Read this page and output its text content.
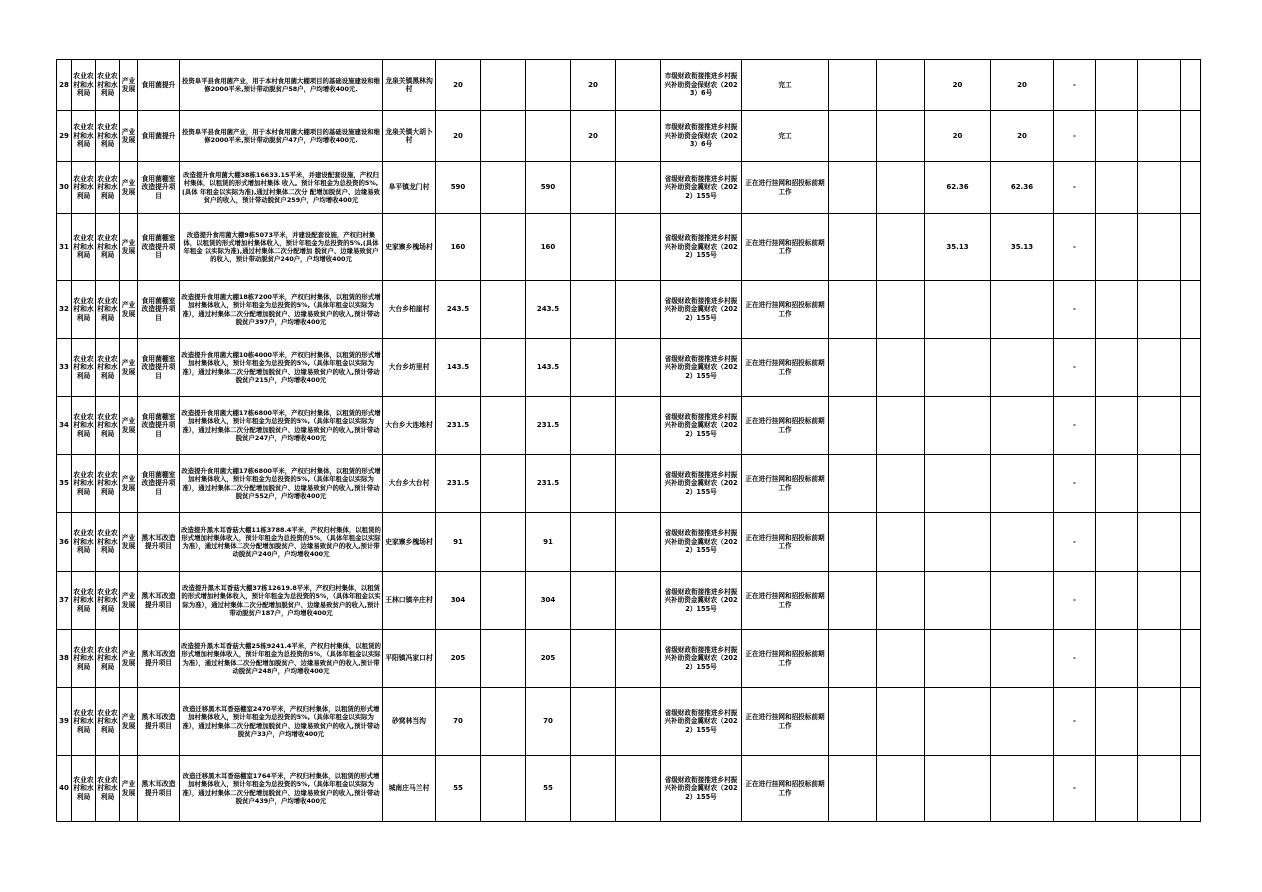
28	农业农村和水利局	农业农村和水利局	产业发展	食用菌提升	投资阜平县食用菌产业，用于本村食用菌大棚项目的基础设施建设和维修2000平米,预计带动脱贫户58户，户均增收400元.	龙泉关镇黑林沟村	20			20		市级财政衔接推进乡村振兴补助资金保财农（2023）6号	完工			20	20	-			
29	农业农村和水利局	农业农村和水利局	产业发展	食用菌提升	投资阜平县食用菌产业，用于本村食用菌大棚项目的基础设施建设和维修2000平米,预计带动脱贫户47户，户均增收400元.	龙泉关镇大胡卜村	20			20		市级财政衔接推进乡村振兴补助资金保财农（2023）6号	完工			20	20	-			
30	农业农村和水利局	农业农村和水利局	产业发展	食用菌棚室改造提升项目	改造提升食用菌大棚38栋16633.15平米，并建设配套设施，产权归村集体，以租赁的形式增加村集体 收入。预计年租金为总投资的5%,(具体 年租金以实际为准),通过村集体二次分 配增加脱贫户、边缘易致贫户的收入，预计带动脱贫户259户，户均增收400元	阜平镇龙门村	590		590			省级财政衔接推进乡村振兴补助资金冀财农（2022）155号	正在进行挂网和招投标前期工作			62.36	62.36	-			
31	农业农村和水利局	农业农村和水利局	产业发展	食用菌棚室改造提升项目	改造提升食用菌大棚9栋5073平米，并建设配套设施，产权归村集体，以租赁的形式增加村集体收入，预计年租金为总投资的5%,(具体年租金 以实际为准),通过村集体二次分配增加 脱贫户、边缘易致贫户的收入，预计带动脱贫户240户，户均增收400元	史家寨乡槐场村	160		160			省级财政衔接推进乡村振兴补助资金冀财农（2022）155号	正在进行挂网和招投标前期工作			35.13	35.13	-			
32	农业农村和水利局	农业农村和水利局	产业发展	食用菌棚室改造提升项目	改造提升食用菌大棚18栋7200平米，产权归村集体，以租赁的形式增加村集体收入，预计年租金为总投资的5%,（具体年租金以实际为准），通过村集体二次分配增加脱贫户、边缘易致贫户的收入,预计带动脱贫户397户，户均增收400元	大台乡柏崖村	243.5		243.5			省级财政衔接推进乡村振兴补助资金冀财农（2022）155号	正在进行挂网和招投标前期工作					-			
33	农业农村和水利局	农业农村和水利局	产业发展	食用菌棚室改造提升项目	改造提升食用菌大棚10栋4000平米，产权归村集体，以租赁的形式增加村集体收入，预计年租金为总投资的5%,（具体年租金以实际为准），通过村集体二次分配增加脱贫户、边缘易致贫户的收入,预计带动脱贫户215户，户均增收400元	大台乡坊里村	143.5		143.5			省级财政衔接推进乡村振兴补助资金冀财农（2022）155号	正在进行挂网和招投标前期工作					-			
34	农业农村和水利局	农业农村和水利局	产业发展	食用菌棚室改造提升项目	改造提升食用菌大棚17栋6800平米，产权归村集体，以租赁的形式增加村集体收入，预计年租金为总投资的5%,（具体年租金以实际为准），通过村集体二次分配增加脱贫户、边缘易致贫户的收入,预计带动脱贫户247户，户均增收400元	大台乡大连地村	231.5		231.5			省级财政衔接推进乡村振兴补助资金冀财农（2022）155号	正在进行挂网和招投标前期工作					-			
35	农业农村和水利局	农业农村和水利局	产业发展	食用菌棚室改造提升项目	改造提升食用菌大棚17栋6800平米，产权归村集体，以租赁的形式增加村集体收入，预计年租金为总投资的5%,（具体年租金以实际为准），通过村集体二次分配增加脱贫户、边缘易致贫户的收入,预计带动脱贫户552户，户均增收400元	大台乡大台村	231.5		231.5			省级财政衔接推进乡村振兴补助资金冀财农（2022）155号	正在进行挂网和招投标前期工作					-			
36	农业农村和水利局	农业农村和水利局	产业发展	黑木耳改造提升项目	改造提升黑木耳香菇大棚11栋3788.4平米，产权归村集体，以租赁的形式增加村集体收入，预计年租金为总投资的5%，（具体年租金以实际为准），通过村集体二次分配增加脱贫户、边缘易致贫户的收入,预计带动脱贫户240户，户均增收400元	史家寨乡槐场村	91		91			省级财政衔接推进乡村振兴补助资金冀财农（2022）155号	正在进行挂网和招投标前期工作					-			
37	农业农村和水利局	农业农村和水利局	产业发展	黑木耳改造提升项目	改造提升黑木耳香菇大棚37栋12619.8平米，产权归村集体，以租赁的形式增加村集体收入，预计年租金为总投资的5%，（具体年租金以实际为准），通过村集体二次分配增加脱贫户、边缘易致贫户的收入,预计带动脱贫户187户，户均增收400元	王林口镇辛庄村	304		304			省级财政衔接推进乡村振兴补助资金冀财农（2022）155号	正在进行挂网和招投标前期工作					-			
38	农业农村和水利局	农业农村和水利局	产业发展	黑木耳改造提升项目	改造提升黑木耳香菇大棚25栋9241.4平米，产权归村集体，以租赁的形式增加村集体收入，预计年租金为总投资的5%，（具体年租金以实际为准），通过村集体二次分配增加脱贫户、边缘易致贫户的收入,预计带动脱贫户248户，户均增收400元	平阳镇冯家口村	205		205			省级财政衔接推进乡村振兴补助资金冀财农（2022）155号	正在进行挂网和招投标前期工作					-			
39	农业农村和水利局	农业农村和水利局	产业发展	黑木耳改造提升项目	改造迁移黑木耳香菇棚室2470平米，产权归村集体，以租赁的形式增加村集体收入，预计年租金为总投资的5%,（具体年租金以实际为准），通过村集体二次分配增加脱贫户、边缘易致贫户的收入,预计带动脱贫户33户，户均增收400元	砂窝林当沟	70		70			省级财政衔接推进乡村振兴补助资金冀财农（2022）155号	正在进行挂网和招投标前期工作					-			
40	农业农村和水利局	农业农村和水利局	产业发展	黑木耳改造提升项目	改造迁移黑木耳香菇棚室1764平米，产权归村集体，以租赁的形式增加村集体收入，预计年租金为总投资的5%,（具体年租金以实际为准），通过村集体二次分配增加脱贫户、边缘易致贫户的收入,预计带动脱贫户439户，户均增收400元	城南庄马兰村	55		55			省级财政衔接推进乡村振兴补助资金冀财农（2022）155号	正在进行挂网和招投标前期工作					-			
